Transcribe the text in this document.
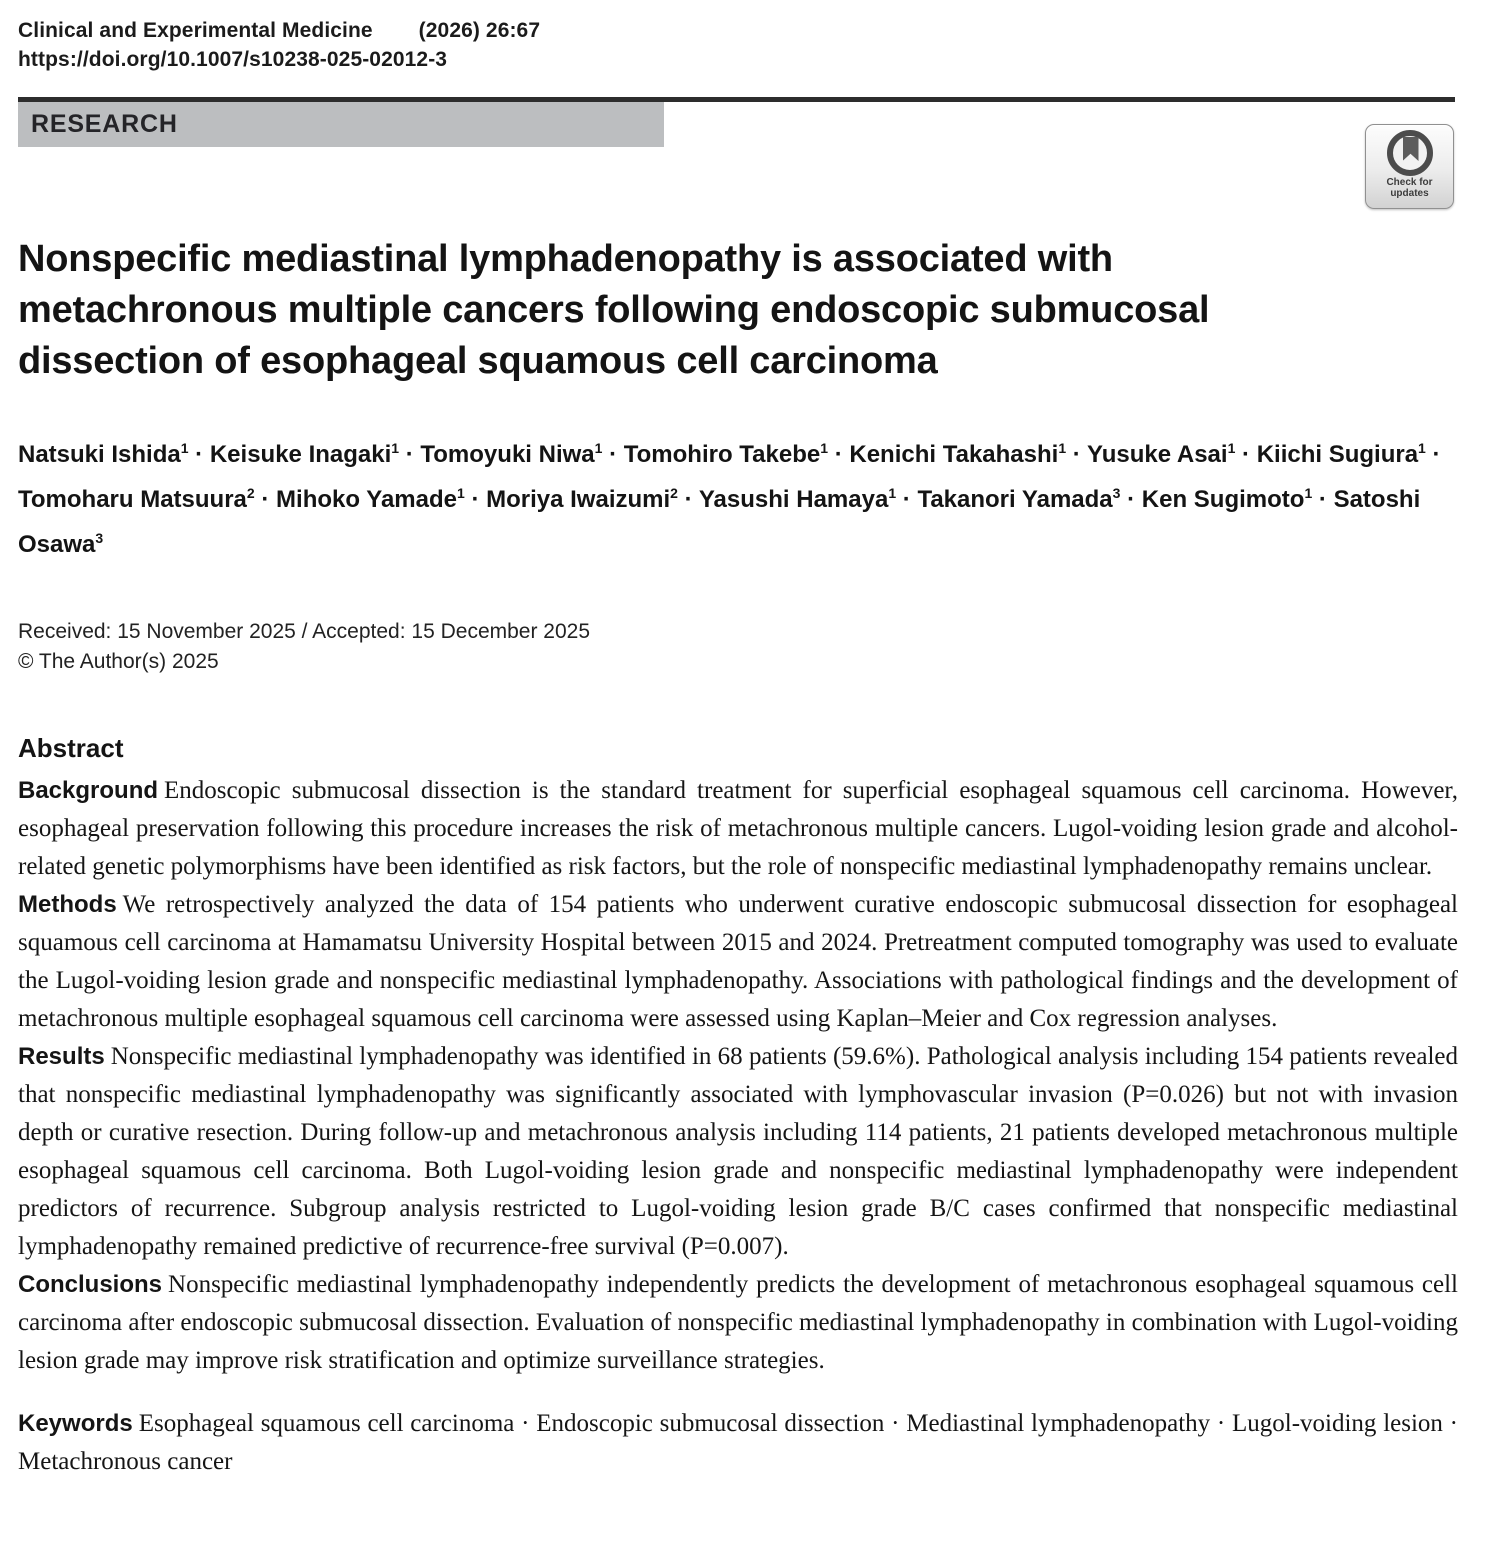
Clinical and Experimental Medicine (2026) 26:67
https://doi.org/10.1007/s10238-025-02012-3
RESEARCH
Nonspecific mediastinal lymphadenopathy is associated with metachronous multiple cancers following endoscopic submucosal dissection of esophageal squamous cell carcinoma
Natsuki Ishida$^1$ · Keisuke Inagaki$^1$ · Tomoyuki Niwa$^1$ · Tomohiro Takebe$^1$ · Kenichi Takahashi$^1$ · Yusuke Asai$^1$ · Kiichi Sugiura$^1$ · Tomoharu Matsuura$^2$ · Mihoko Yamade$^1$ · Moriya Iwaizumi$^2$ · Yasushi Hamaya$^1$ · Takanori Yamada$^3$ · Ken Sugimoto$^1$ · Satoshi Osawa$^3$
Received: 15 November 2025 / Accepted: 15 December 2025
© The Author(s) 2025
Abstract

Background Endoscopic submucosal dissection is the standard treatment for superficial esophageal squamous cell carcinoma. However, esophageal preservation following this procedure increases the risk of metachronous multiple cancers. Lugol-voiding lesion grade and alcohol-related genetic polymorphisms have been identified as risk factors, but the role of nonspecific mediastinal lymphadenopathy remains unclear.

Methods We retrospectively analyzed the data of 154 patients who underwent curative endoscopic submucosal dissection for esophageal squamous cell carcinoma at Hamamatsu University Hospital between 2015 and 2024. Pretreatment computed tomography was used to evaluate the Lugol-voiding lesion grade and nonspecific mediastinal lymphadenopathy. Associations with pathological findings and the development of metachronous multiple esophageal squamous cell carcinoma were assessed using Kaplan–Meier and Cox regression analyses.

Results Nonspecific mediastinal lymphadenopathy was identified in 68 patients (59.6%). Pathological analysis including 154 patients revealed that nonspecific mediastinal lymphadenopathy was significantly associated with lymphovascular invasion (P=0.026) but not with invasion depth or curative resection. During follow-up and metachronous analysis including 114 patients, 21 patients developed metachronous multiple esophageal squamous cell carcinoma. Both Lugol-voiding lesion grade and nonspecific mediastinal lymphadenopathy were independent predictors of recurrence. Subgroup analysis restricted to Lugol-voiding lesion grade B/C cases confirmed that nonspecific mediastinal lymphadenopathy remained predictive of recurrence-free survival (P=0.007).

Conclusions Nonspecific mediastinal lymphadenopathy independently predicts the development of metachronous esophageal squamous cell carcinoma after endoscopic submucosal dissection. Evaluation of nonspecific mediastinal lymphadenopathy in combination with Lugol-voiding lesion grade may improve risk stratification and optimize surveillance strategies.

Keywords Esophageal squamous cell carcinoma · Endoscopic submucosal dissection · Mediastinal lymphadenopathy · Lugol-voiding lesion · Metachronous cancer

Check for
updates
